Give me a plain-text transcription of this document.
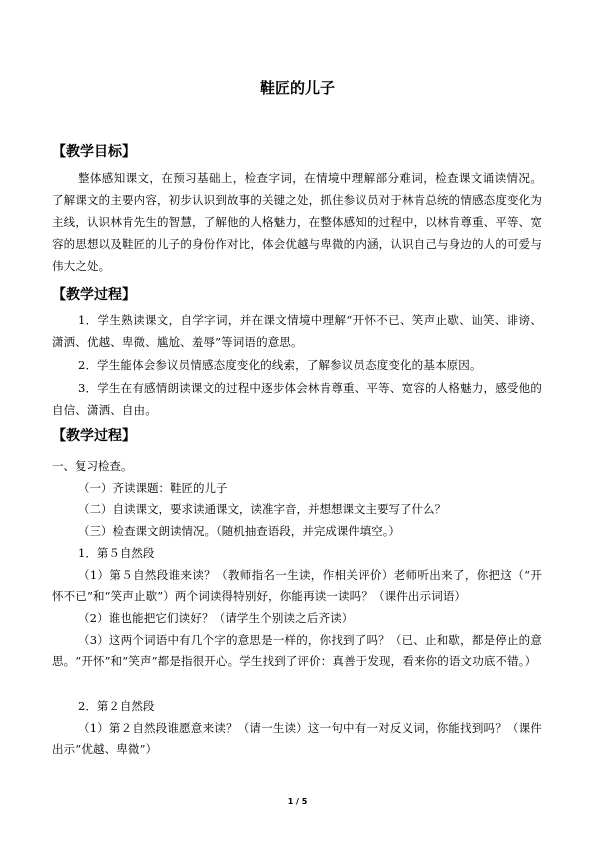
鞋匠的儿子
【教学目标】
整体感知课文，在预习基础上，检查字词，在情境中理解部分难词，检查课文诵读情况。了解课文的主要内容，初步认识到故事的关键之处，抓住参议员对于林肯总统的情感态度变化为主线，认识林肯先生的智慧，了解他的人格魅力，在整体感知的过程中，以林肯尊重、平等、宽容的思想以及鞋匠的儿子的身份作对比，体会优越与卑微的内涵，认识自己与身边的人的可爱与伟大之处。
【教学过程】
1．学生熟读课文，自学字词，并在课文情境中理解“开怀不已、笑声止歇、讪笑、诽谤、潇洒、优越、卑微、尴尬、羞辱”等词语的意思。
2．学生能体会参议员情感态度变化的线索，了解参议员态度变化的基本原因。
3．学生在有感情朗读课文的过程中逐步体会林肯尊重、平等、宽容的人格魅力，感受他的自信、潇洒、自由。
【教学过程】
一、复习检查。
（一）齐读课题：鞋匠的儿子
（二）自读课文，要求读通课文，读准字音，并想想课文主要写了什么？
（三）检查课文朗读情况。（随机抽查语段，并完成课件填空。）
1．第５自然段
（1）第５自然段谁来读？（教师指名一生读，作相关评价）老师听出来了，你把这（“开怀不已”和“笑声止歇”）两个词读得特别好，你能再读一读吗？（课件出示词语）
（2）谁也能把它们读好？（请学生个别读之后齐读）
（3）这两个词语中有几个字的意思是一样的，你找到了吗？（已、止和歇，都是停止的意思。“开怀”和“笑声”都是指很开心。学生找到了评价：真善于发现，看来你的语文功底不错。）
2．第２自然段
（1）第２自然段谁愿意来读？（请一生读）这一句中有一对反义词，你能找到吗？（课件出示“优越、卑微”）
1 / 5
